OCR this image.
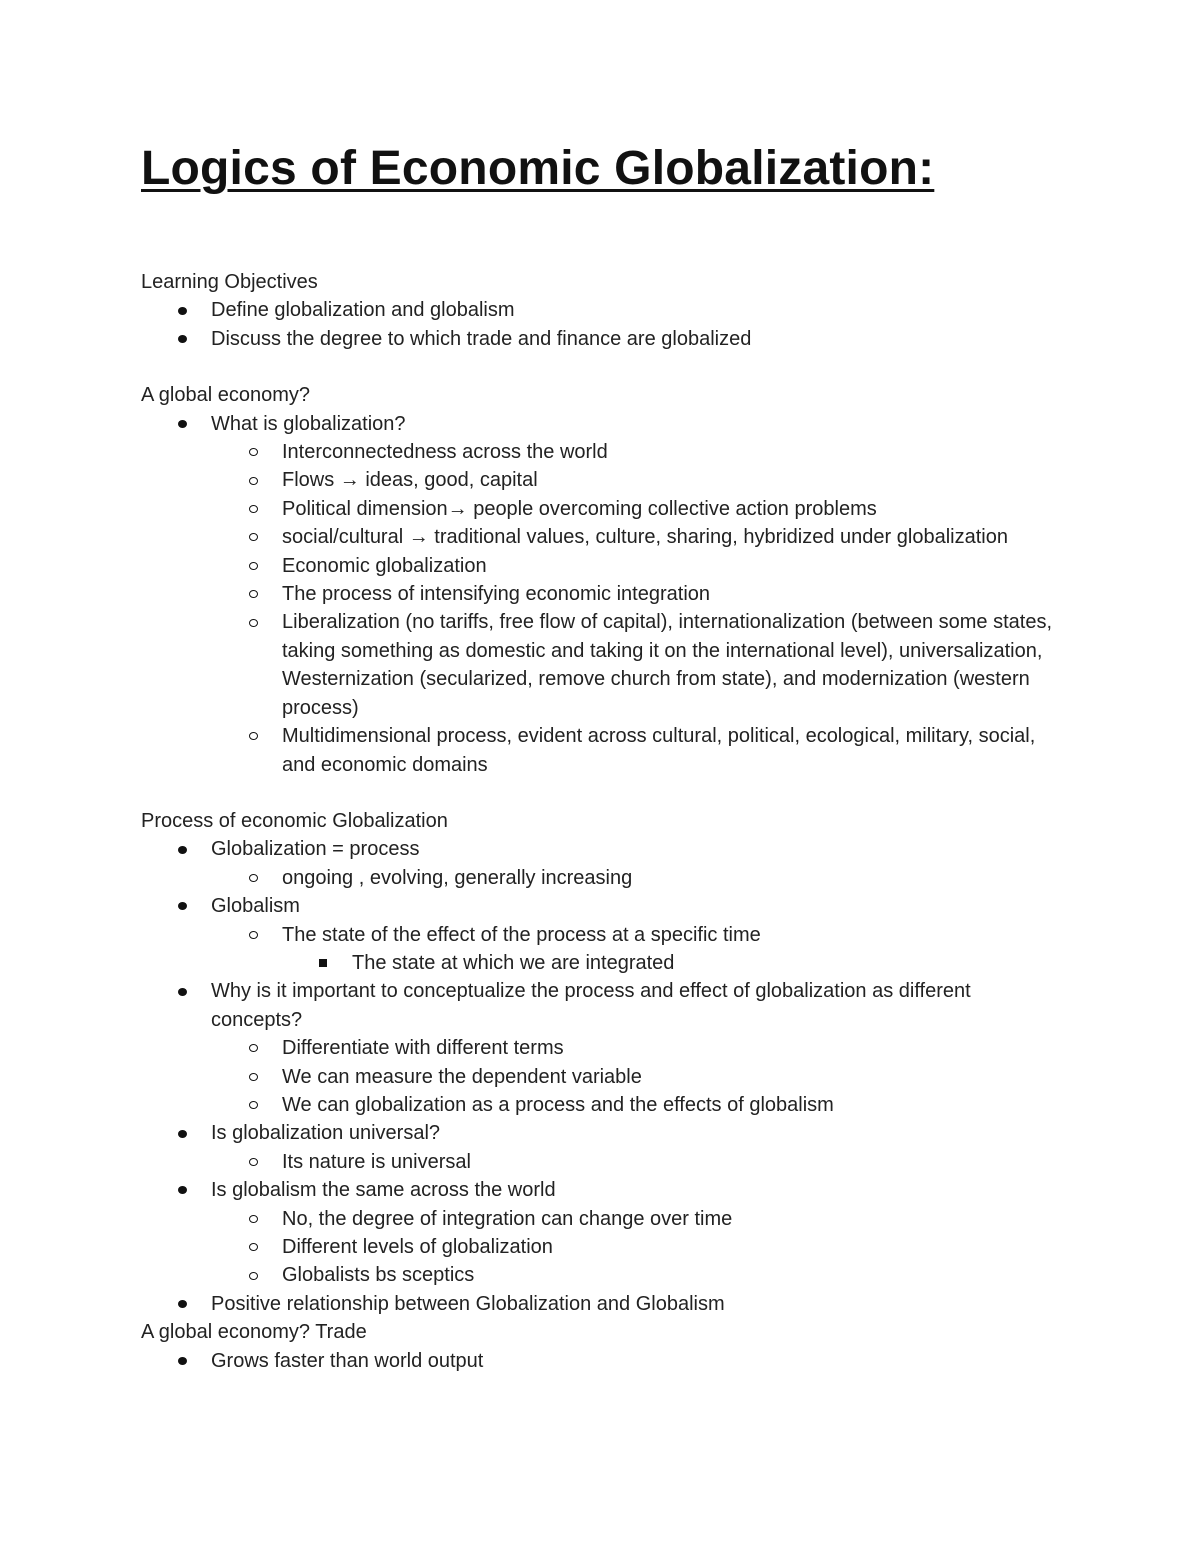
Logics of Economic Globalization:

Learning Objectives

Define globalization and globalism
Discuss the degree to which trade and finance are globalized

A global economy?

What is globalization?
Interconnectedness across the world
Flows → ideas, good, capital
Political dimension→ people overcoming collective action problems
social/cultural → traditional values, culture, sharing, hybridized under globalization
Economic globalization
The process of intensifying economic integration
Liberalization (no tariffs, free flow of capital), internationalization (between some states, taking something as domestic and taking it on the international level), universalization, Westernization (secularized, remove church from state), and modernization (western process)
Multidimensional process, evident across cultural, political, ecological, military, social, and economic domains

Process of economic Globalization

Globalization = process
ongoing , evolving, generally increasing
Globalism
The state of the effect of the process at a specific time
The state at which we are integrated
Why is it important to conceptualize the process and effect of globalization as different concepts?
Differentiate with different terms
We can measure the dependent variable
We can globalization as a process and the effects of globalism
Is globalization universal?
Its nature is universal
Is globalism the same across the world
No, the degree of integration can change over time
Different levels of globalization
Globalists bs sceptics
Positive relationship between Globalization and Globalism

A global economy? Trade

Grows faster than world output
